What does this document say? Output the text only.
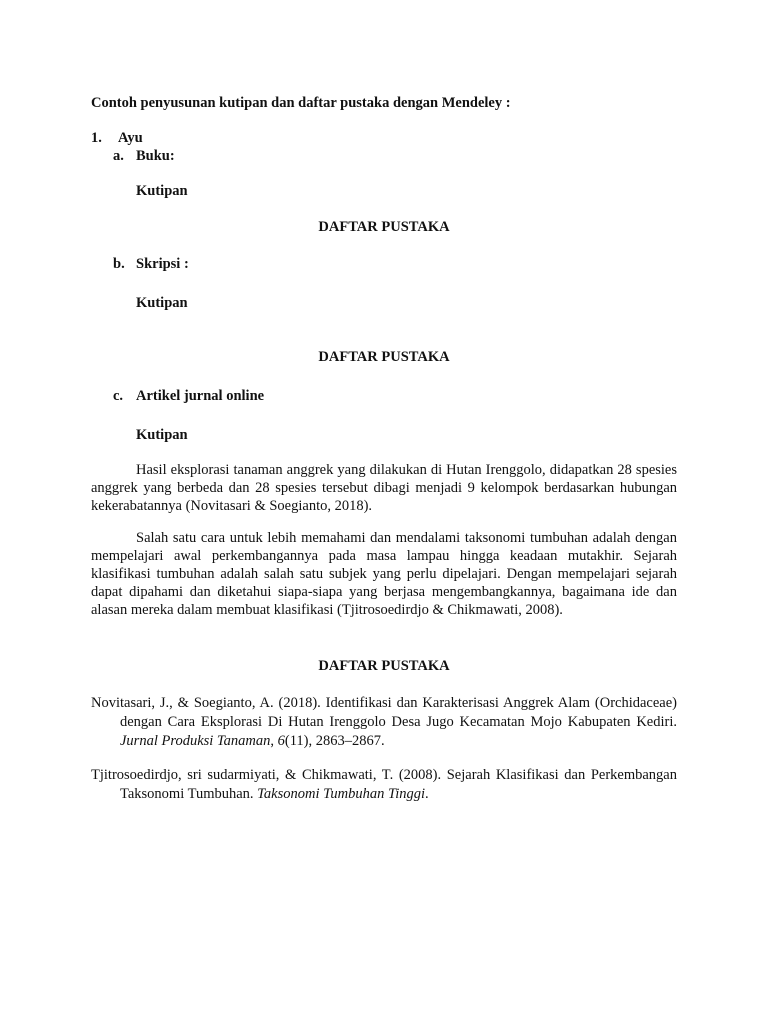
Contoh penyusunan kutipan dan daftar pustaka dengan Mendeley :
1. Ayu
a. Buku:
Kutipan
DAFTAR PUSTAKA
b. Skripsi :
Kutipan
DAFTAR PUSTAKA
c. Artikel jurnal online
Kutipan
Hasil eksplorasi tanaman anggrek yang dilakukan di Hutan Irenggolo, didapatkan 28 spesies anggrek yang berbeda dan 28 spesies tersebut dibagi menjadi 9 kelompok berdasarkan hubungan kekerabatannya (Novitasari & Soegianto, 2018).
Salah satu cara untuk lebih memahami dan mendalami taksonomi tumbuhan adalah dengan mempelajari awal perkembangannya pada masa lampau hingga keadaan mutakhir. Sejarah klasifikasi tumbuhan adalah salah satu subjek yang perlu dipelajari. Dengan mempelajari sejarah dapat dipahami dan diketahui siapa-siapa yang berjasa mengembangkannya, bagaimana ide dan alasan mereka dalam membuat klasifikasi (Tjitrosoedirdjo & Chikmawati, 2008).
DAFTAR PUSTAKA
Novitasari, J., & Soegianto, A. (2018). Identifikasi dan Karakterisasi Anggrek Alam (Orchidaceae) dengan Cara Eksplorasi Di Hutan Irenggolo Desa Jugo Kecamatan Mojo Kabupaten Kediri. Jurnal Produksi Tanaman, 6(11), 2863–2867.
Tjitrosoedirdjo, sri sudarmiyati, & Chikmawati, T. (2008). Sejarah Klasifikasi dan Perkembangan Taksonomi Tumbuhan. Taksonomi Tumbuhan Tinggi.
